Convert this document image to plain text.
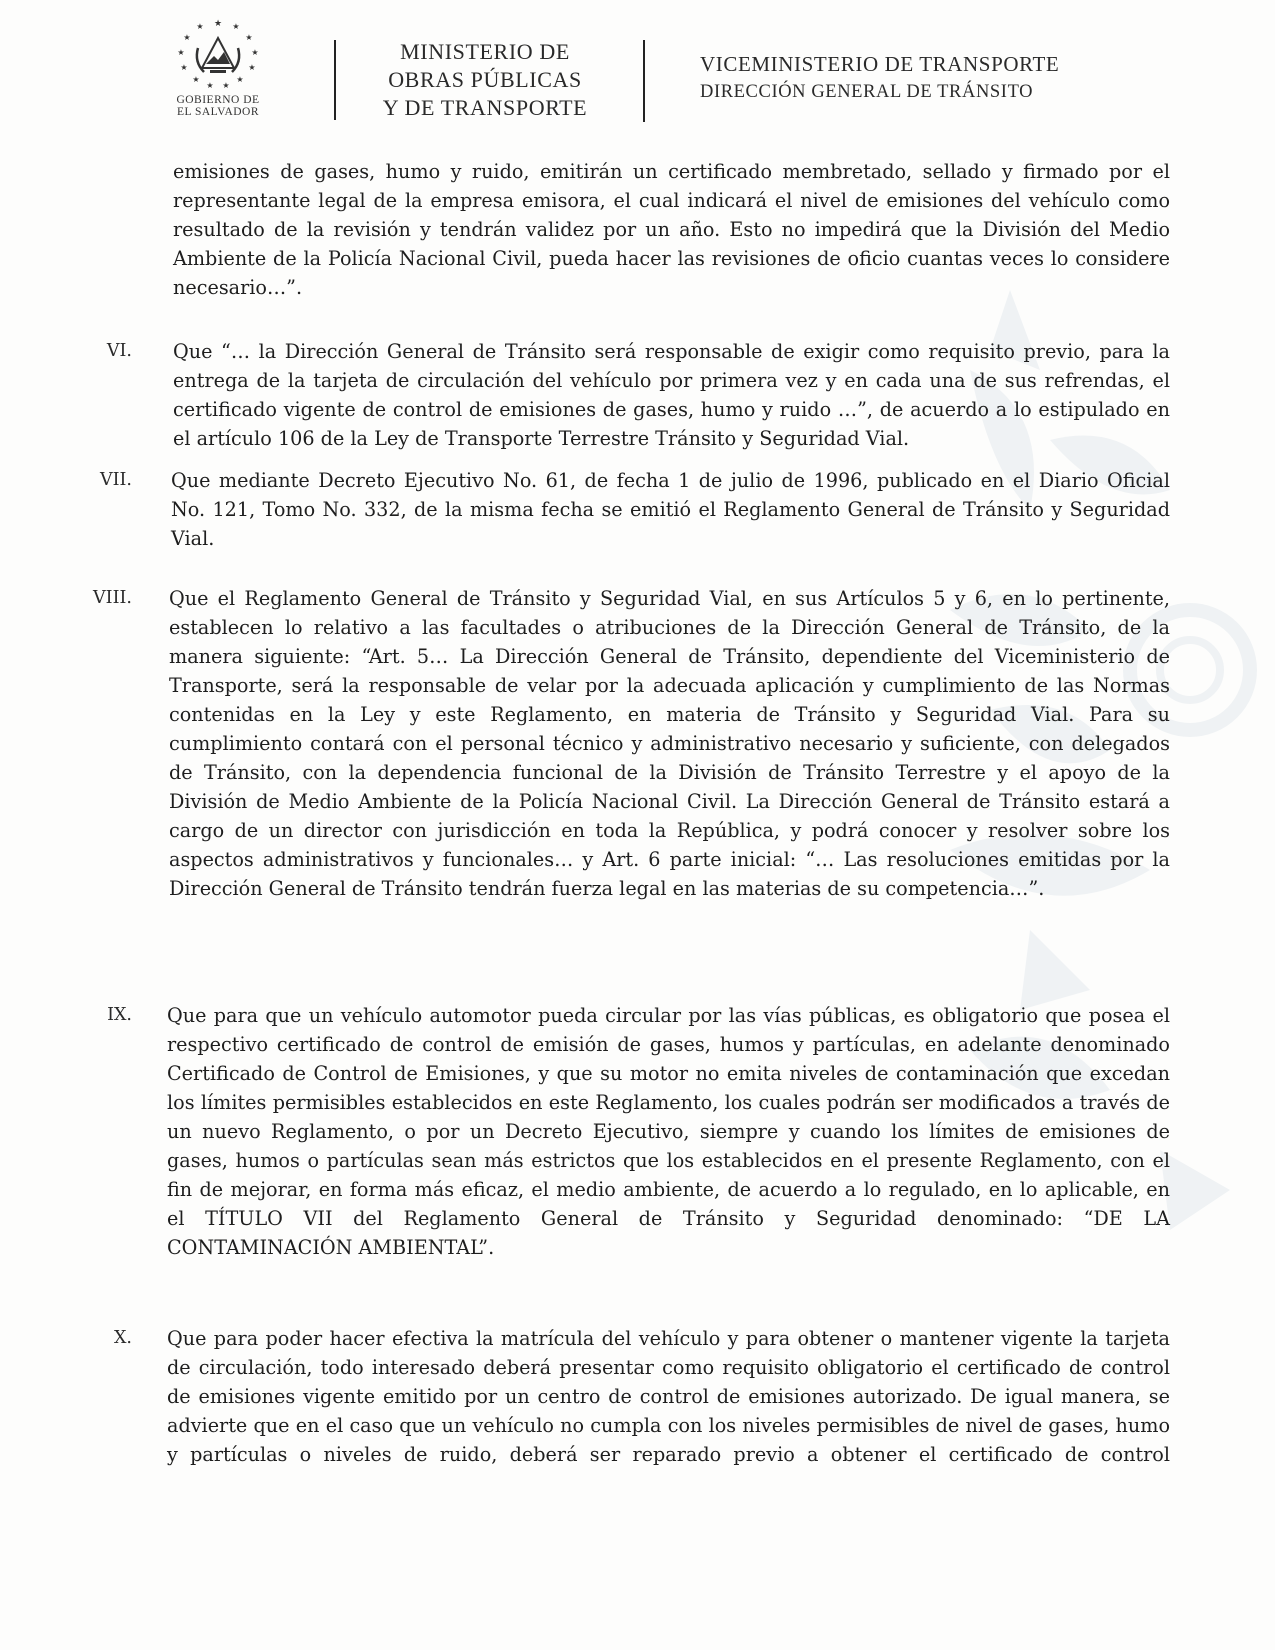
★
★	★
★	★
★	★
★	★
★	★
★ ★
GOBIERNO DE
EL SALVADOR
MINISTERIO DE
OBRAS PÚBLICAS
Y DE TRANSPORTE
VICEMINISTERIO DE TRANSPORTE
DIRECCIÓN GENERAL DE TRÁNSITO
emisiones de gases, humo y ruido, emitirán un certificado membretado, sellado y firmado por el representante legal de la empresa emisora, el cual indicará el nivel de emisiones del vehículo como resultado de la revisión y tendrán validez por un año. Esto no impedirá que la División del Medio Ambiente de la Policía Nacional Civil, pueda hacer las revisiones de oficio cuantas veces lo considere necesario…”.
VI. Que “… la Dirección General de Tránsito será responsable de exigir como requisito previo, para la entrega de la tarjeta de circulación del vehículo por primera vez y en cada una de sus refrendas, el certificado vigente de control de emisiones de gases, humo y ruido …”, de acuerdo a lo estipulado en el artículo 106 de la Ley de Transporte Terrestre Tránsito y Seguridad Vial.
VII. Que mediante Decreto Ejecutivo No. 61, de fecha 1 de julio de 1996, publicado en el Diario Oficial No. 121, Tomo No. 332, de la misma fecha se emitió el Reglamento General de Tránsito y Seguridad Vial.
VIII. Que el Reglamento General de Tránsito y Seguridad Vial, en sus Artículos 5 y 6, en lo pertinente, establecen lo relativo a las facultades o atribuciones de la Dirección General de Tránsito, de la manera siguiente: “Art. 5… La Dirección General de Tránsito, dependiente del Viceministerio de Transporte, será la responsable de velar por la adecuada aplicación y cumplimiento de las Normas contenidas en la Ley y este Reglamento, en materia de Tránsito y Seguridad Vial. Para su cumplimiento contará con el personal técnico y administrativo necesario y suficiente, con delegados de Tránsito, con la dependencia funcional de la División de Tránsito Terrestre y el apoyo de la División de Medio Ambiente de la Policía Nacional Civil. La Dirección General de Tránsito estará a cargo de un director con jurisdicción en toda la República, y podrá conocer y resolver sobre los aspectos administrativos y funcionales… y Art. 6 parte inicial: “… Las resoluciones emitidas por la Dirección General de Tránsito tendrán fuerza legal en las materias de su competencia…”.
IX. Que para que un vehículo automotor pueda circular por las vías públicas, es obligatorio que posea el respectivo certificado de control de emisión de gases, humos y partículas, en adelante denominado Certificado de Control de Emisiones, y que su motor no emita niveles de contaminación que excedan los límites permisibles establecidos en este Reglamento, los cuales podrán ser modificados a través de un nuevo Reglamento, o por un Decreto Ejecutivo, siempre y cuando los límites de emisiones de gases, humos o partículas sean más estrictos que los establecidos en el presente Reglamento, con el fin de mejorar, en forma más eficaz, el medio ambiente, de acuerdo a lo regulado, en lo aplicable, en el TÍTULO VII del Reglamento General de Tránsito y Seguridad denominado: “DE LA CONTAMINACIÓN AMBIENTAL”.
X. Que para poder hacer efectiva la matrícula del vehículo y para obtener o mantener vigente la tarjeta de circulación, todo interesado deberá presentar como requisito obligatorio el certificado de control de emisiones vigente emitido por un centro de control de emisiones autorizado. De igual manera, se advierte que en el caso que un vehículo no cumpla con los niveles permisibles de nivel de gases, humo y partículas o niveles de ruido, deberá ser reparado previo a obtener el certificado de control
